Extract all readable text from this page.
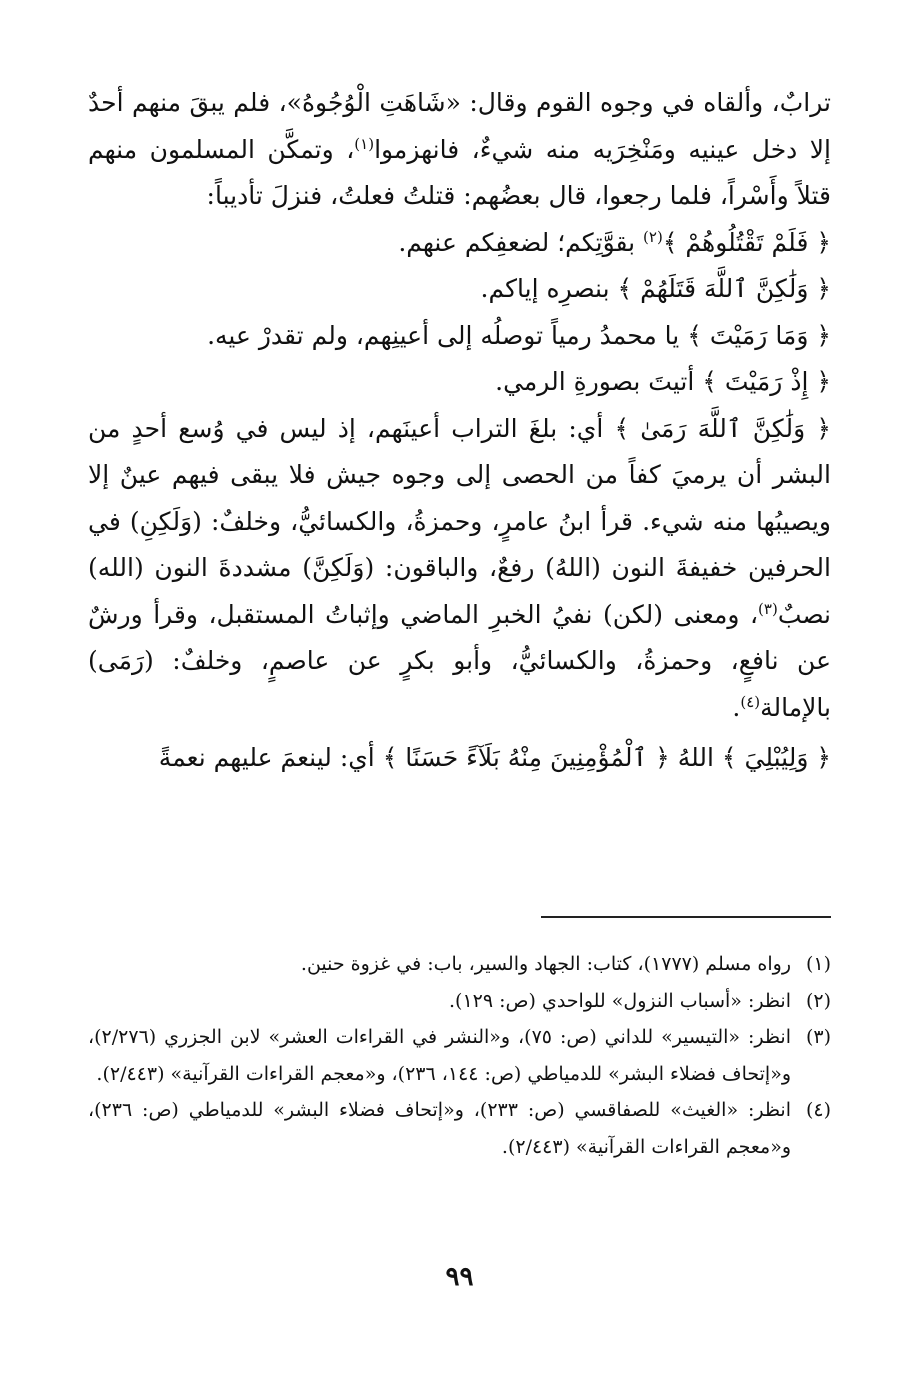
ترابٌ، وألقاه في وجوه القوم وقال: «شَاهَتِ الْوُجُوهُ»، فلم يبقَ منهم أحدٌ إلا دخل عينيه ومَنْخِرَيه منه شيءٌ، فانهزموا$^{(١)}$، وتمكَّن المسلمون منهم قتلاً وأَسْراً، فلما رجعوا، قال بعضُهم: قتلتُ فعلتُ، فنزلَ تأديباً:

﴿ فَلَمْ تَقْتُلُوهُمْ ﴾$^{(٢)}$ بقوَّتِكم؛ لضعفِكم عنهم.

﴿ وَلَٰكِنَّ ٱللَّهَ قَتَلَهُمْ ﴾ بنصرِه إياكم.

﴿ وَمَا رَمَيْتَ ﴾ يا محمدُ رمياً توصلُه إلى أعينِهم، ولم تقدرْ عيه.

﴿ إِذْ رَمَيْتَ ﴾ أتيتَ بصورةِ الرمي.

﴿ وَلَٰكِنَّ ٱللَّهَ رَمَىٰ ﴾ أي: بلغَ التراب أعينَهم، إذ ليس في وُسع أحدٍ من البشر أن يرميَ كفاً من الحصى إلى وجوه جيش فلا يبقى فيهم عينٌ إلا ويصيبُها منه شيء. قرأ ابنُ عامرٍ، وحمزةُ، والكسائيُّ، وخلفٌ: (وَلَكِنِ) في الحرفين خفيفةَ النون (اللهُ) رفعٌ، والباقون: (وَلَكِنَّ) مشددةَ النون (الله) نصبٌ$^{(٣)}$، ومعنى (لكن) نفيُ الخبرِ الماضي وإثباتُ المستقبل، وقرأ ورشٌ عن نافعٍ، وحمزةُ، والكسائيُّ، وأبو بكرٍ عن عاصمٍ، وخلفٌ: (رَمَى) بالإمالة$^{(٤)}$.

﴿ وَلِيُبْلِيَ ﴾ اللهُ ﴿ ٱلْمُؤْمِنِينَ مِنْهُ بَلَآءً حَسَنًا ﴾ أي: لينعمَ عليهم نعمةً

(١)
رواه مسلم (١٧٧٧)، كتاب: الجهاد والسير، باب: في غزوة حنين.
(٢)
انظر: «أسباب النزول» للواحدي (ص: ١٢٩).
(٣)
انظر: «التيسير» للداني (ص: ٧٥)، و«النشر في القراءات العشر» لابن الجزري (٢/٢٧٦)، و«إتحاف فضلاء البشر» للدمياطي (ص: ١٤٤، ٢٣٦)، و«معجم القراءات القرآنية» (٢/٤٤٣).
(٤)
انظر: «الغيث» للصفاقسي (ص: ٢٣٣)، و«إتحاف فضلاء البشر» للدمياطي (ص: ٢٣٦)، و«معجم القراءات القرآنية» (٢/٤٤٣).
٩٩
